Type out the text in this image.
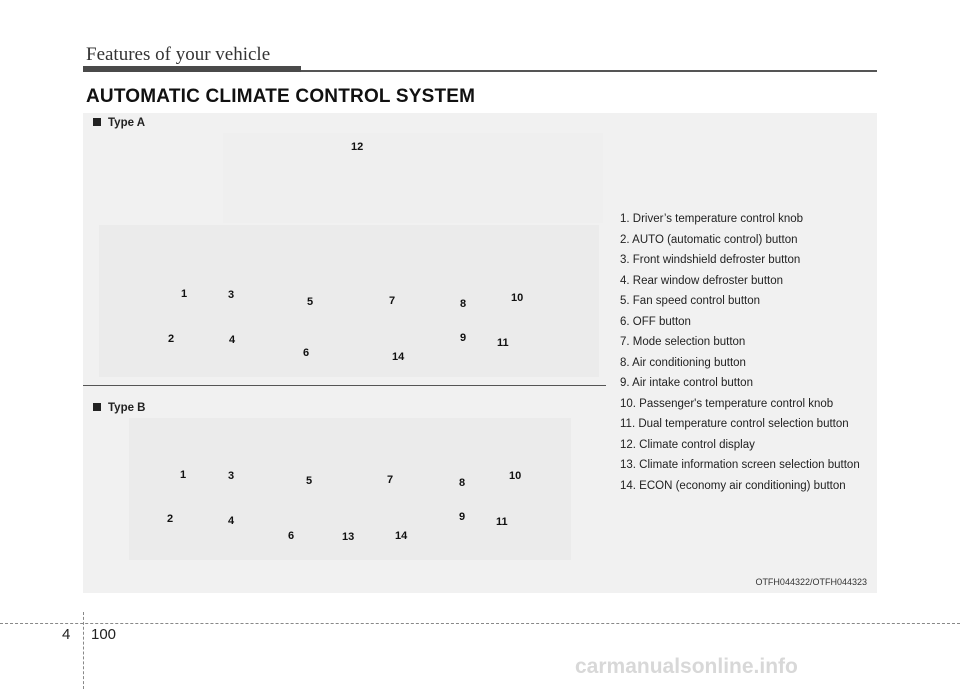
Features of your vehicle
AUTOMATIC CLIMATE CONTROL SYSTEM
Type A
12
1	3
5	7	8	10
2	4
6	14
9	11
Type B
1	3	5	7	8
10
2	4
6	13	14
9	11
1. Driver’s temperature control knob
2. AUTO (automatic control) button
3. Front windshield defroster button
4. Rear window defroster button
5. Fan speed control button
6. OFF button
7. Mode selection button
8. Air conditioning button
9. Air intake control button
10. Passenger's temperature control knob
11. Dual temperature control selection button
12. Climate control display
13. Climate information screen selection button
14. ECON (economy air conditioning) button
OTFH044322/OTFH044323
4 100
carmanualsonline.info
